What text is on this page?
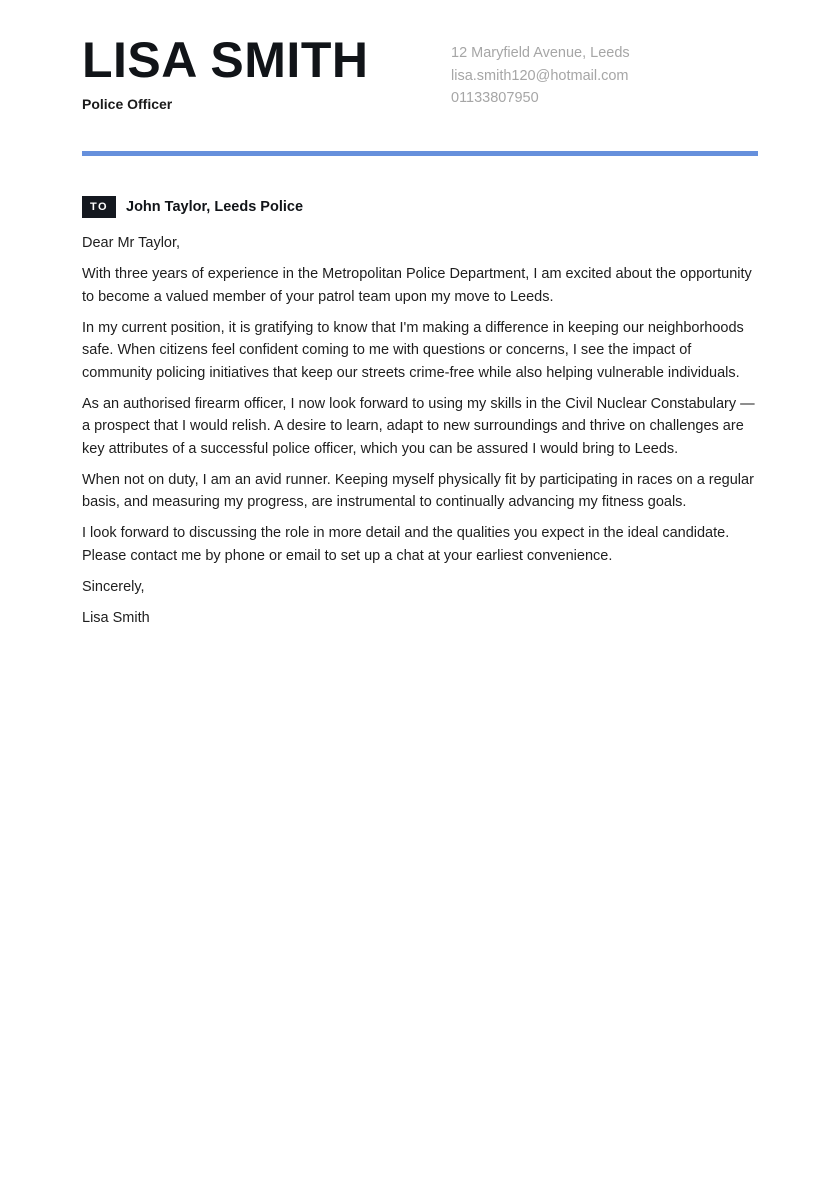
LISA SMITH
Police Officer
12 Maryfield Avenue, Leeds
lisa.smith120@hotmail.com
01133807950
TO	John Taylor, Leeds Police

Dear Mr Taylor,

With three years of experience in the Metropolitan Police Department, I am excited about the opportunity to become a valued member of your patrol team upon my move to Leeds.

In my current position, it is gratifying to know that I'm making a difference in keeping our neighborhoods safe. When citizens feel confident coming to me with questions or concerns, I see the impact of community policing initiatives that keep our streets crime-free while also helping vulnerable individuals.

As an authorised firearm officer, I now look forward to using my skills in the Civil Nuclear Constabulary — a prospect that I would relish. A desire to learn, adapt to new surroundings and thrive on challenges are key attributes of a successful police officer, which you can be assured I would bring to Leeds.

When not on duty, I am an avid runner. Keeping myself physically fit by participating in races on a regular basis, and measuring my progress, are instrumental to continually advancing my fitness goals.

I look forward to discussing the role in more detail and the qualities you expect in the ideal candidate. Please contact me by phone or email to set up a chat at your earliest convenience.

Sincerely,

Lisa Smith
